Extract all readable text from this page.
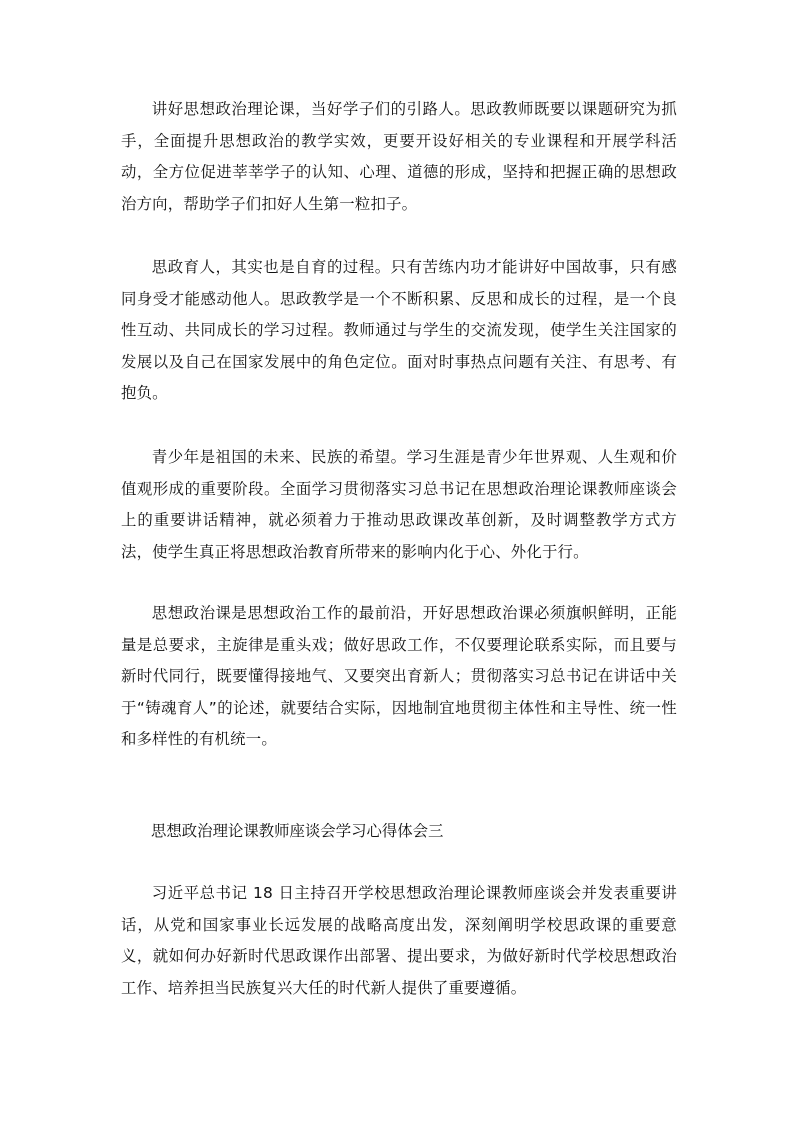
讲好思想政治理论课，当好学子们的引路人。思政教师既要以课题研究为抓手，全面提升思想政治的教学实效，更要开设好相关的专业课程和开展学科活动，全方位促进莘莘学子的认知、心理、道德的形成，坚持和把握正确的思想政治方向，帮助学子们扣好人生第一粒扣子。

思政育人，其实也是自育的过程。只有苦练内功才能讲好中国故事，只有感同身受才能感动他人。思政教学是一个不断积累、反思和成长的过程，是一个良性互动、共同成长的学习过程。教师通过与学生的交流发现，使学生关注国家的发展以及自己在国家发展中的角色定位。面对时事热点问题有关注、有思考、有抱负。

青少年是祖国的未来、民族的希望。学习生涯是青少年世界观、人生观和价值观形成的重要阶段。全面学习贯彻落实习总书记在思想政治理论课教师座谈会上的重要讲话精神，就必须着力于推动思政课改革创新，及时调整教学方式方法，使学生真正将思想政治教育所带来的影响内化于心、外化于行。

思想政治课是思想政治工作的最前沿，开好思想政治课必须旗帜鲜明，正能量是总要求，主旋律是重头戏；做好思政工作，不仅要理论联系实际，而且要与新时代同行，既要懂得接地气、又要突出育新人；贯彻落实习总书记在讲话中关于“铸魂育人”的论述，就要结合实际，因地制宜地贯彻主体性和主导性、统一性和多样性的有机统一。

思想政治理论课教师座谈会学习心得体会三

习近平总书记 18 日主持召开学校思想政治理论课教师座谈会并发表重要讲话，从党和国家事业长远发展的战略高度出发，深刻阐明学校思政课的重要意义，就如何办好新时代思政课作出部署、提出要求，为做好新时代学校思想政治工作、培养担当民族复兴大任的时代新人提供了重要遵循。
